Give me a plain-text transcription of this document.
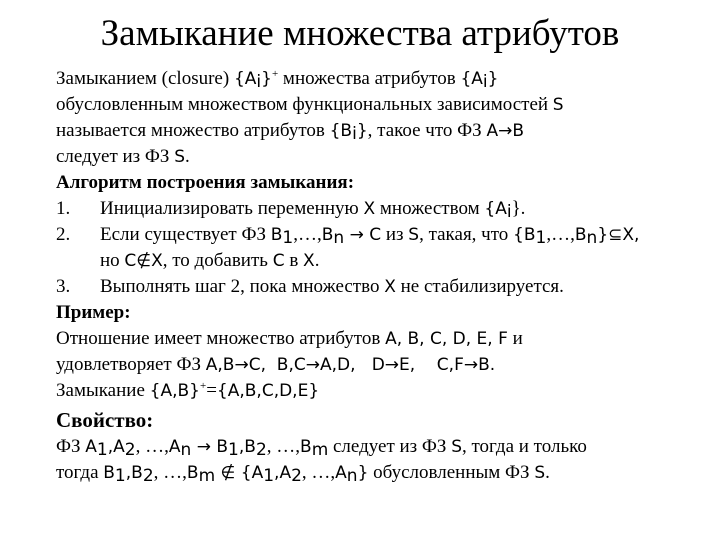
Замыкание множества атрибутов
Замыканием (closure) $\{A_i\}^+$ множества атрибутов $\{A_i\}$
обусловленным множеством функциональных зависимостей S
называется множество атрибутов $\{B_i\}$, такое что ФЗ A→B
следует из ФЗ S.
Алгоритм построения замыкания:
1. Инициализировать переменную X множеством $\{A_i\}$.
2. Если существует ФЗ $B_1,\dots,B_n \to C$ из S, такая, что $\{B_1,\dots,B_n\}⊆X$,
но C∉X, то добавить C в X.
3. Выполнять шаг 2, пока множество X не стабилизируется.
Пример:
Отношение имеет множество атрибутов A, B, C, D, E, F и
удовлетворяет ФЗ A,B→C,  B,C→A,D,   D→E,    C,F→B.
Замыкание {A,B}+={A,B,C,D,E}
Свойство:
ФЗ $A_1,A_2$, $\dots,A_n \to B_1,B_2$, $\dots,B_m$ следует из ФЗ S, тогда и только
тогда $B_1,B_2$, $\dots,B_m$ ∉ {$A_1,A_2$, $\dots,A_n$} обусловленным ФЗ S.
